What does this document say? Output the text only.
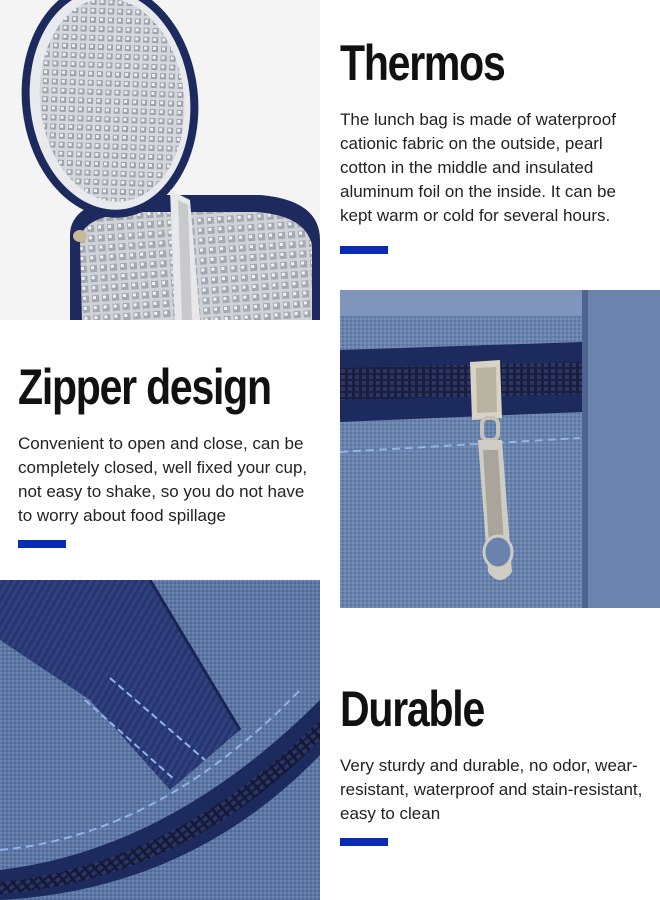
Thermos
The lunch bag is made of waterproof cationic fabric on the outside, pearl cotton in the middle and insulated aluminum foil on the inside. It can be kept warm or cold for several hours.
Zipper design
Convenient to open and close, can be completely closed, well fixed your cup, not easy to shake, so you do not have to worry about food spillage
Durable
Very sturdy and durable, no odor, wear-resistant, waterproof and stain-resistant, easy to clean
